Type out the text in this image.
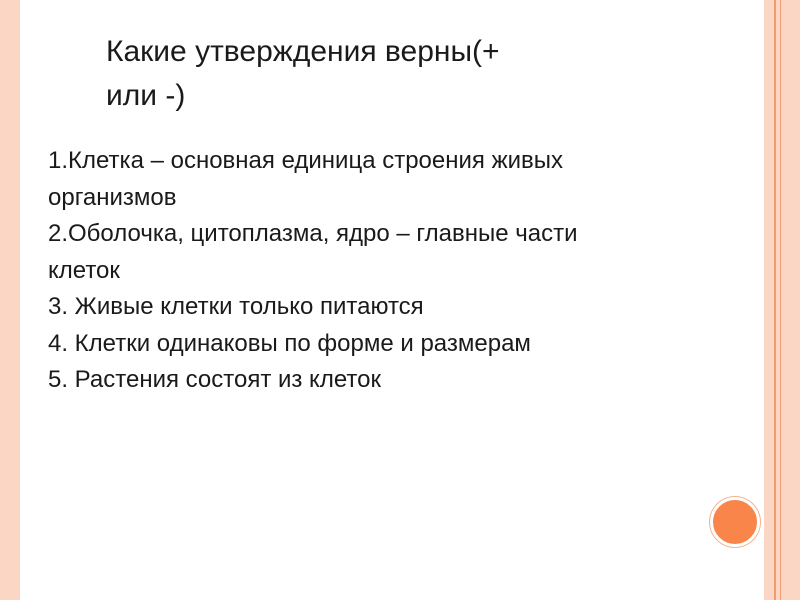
Какие утверждения верны(+ или -)
1.Клетка – основная единица строения живых организмов
2.Оболочка, цитоплазма, ядро – главные части клеток
3. Живые клетки только питаются
4. Клетки одинаковы по форме и размерам
5. Растения состоят из клеток
